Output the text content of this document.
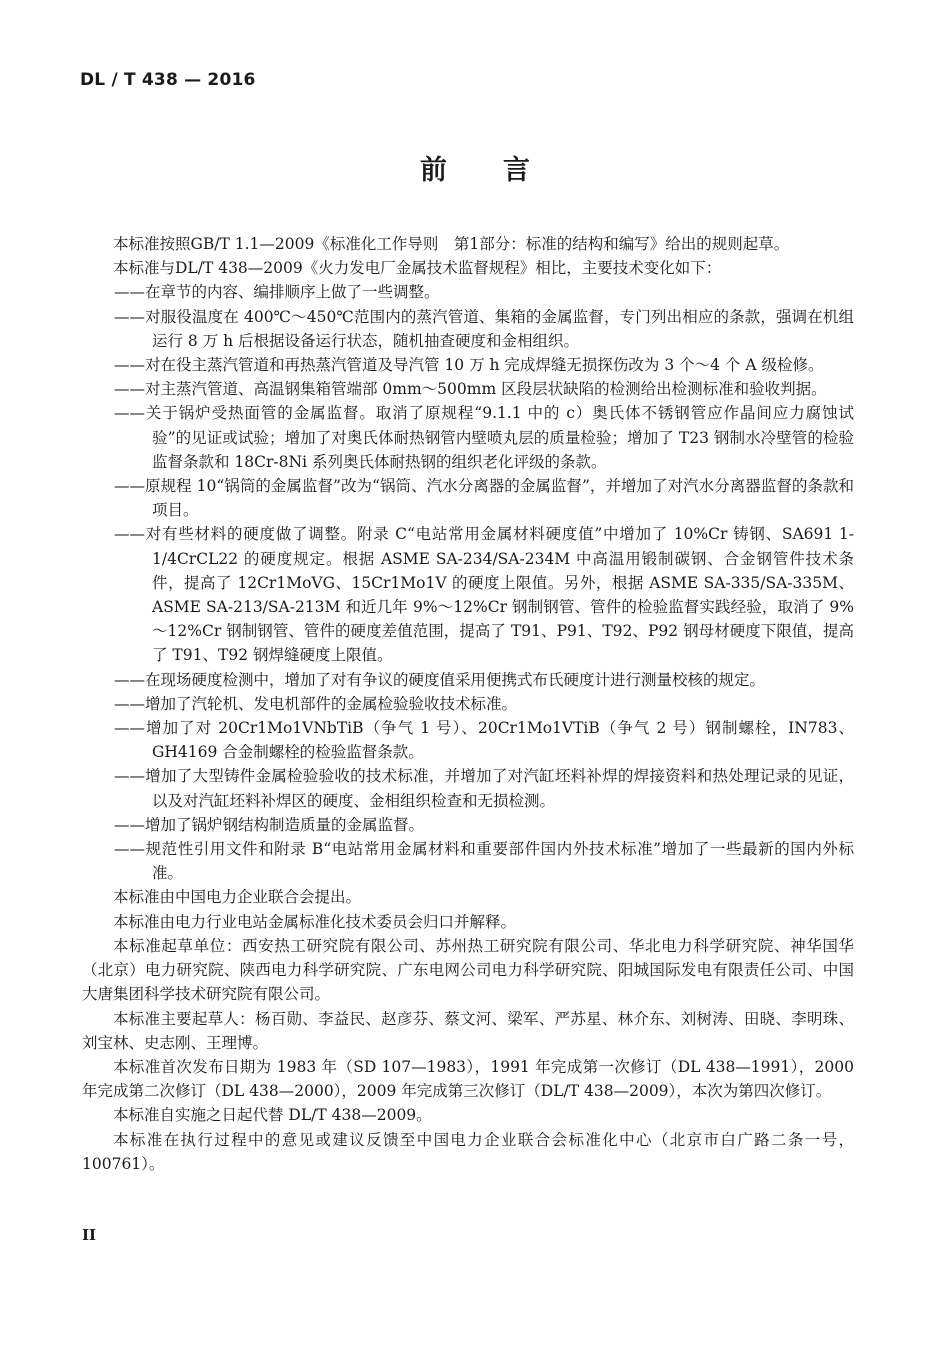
DL / T 438 — 2016
前言

本标准按照GB/T 1.1—2009《标准化工作导则　第1部分：标准的结构和编写》给出的规则起草。

本标准与DL/T 438—2009《火力发电厂金属技术监督规程》相比，主要技术变化如下：

——在章节的内容、编排顺序上做了一些调整。

——对服役温度在 400℃～450℃范围内的蒸汽管道、集箱的金属监督，专门列出相应的条款，强调在机组运行 8 万 h 后根据设备运行状态，随机抽查硬度和金相组织。

——对在役主蒸汽管道和再热蒸汽管道及导汽管 10 万 h 完成焊缝无损探伤改为 3 个～4 个 A 级检修。

——对主蒸汽管道、高温钢集箱管端部 0mm～500mm 区段层状缺陷的检测给出检测标准和验收判据。

——关于锅炉受热面管的金属监督。取消了原规程“9.1.1 中的 c）奥氏体不锈钢管应作晶间应力腐蚀试验”的见证或试验；增加了对奥氏体耐热钢管内壁喷丸层的质量检验；增加了 T23 钢制水冷壁管的检验监督条款和 18Cr-8Ni 系列奥氏体耐热钢的组织老化评级的条款。

——原规程 10“锅筒的金属监督”改为“锅筒、汽水分离器的金属监督”，并增加了对汽水分离器监督的条款和项目。

——对有些材料的硬度做了调整。附录 C“电站常用金属材料硬度值”中增加了 10%Cr 铸钢、SA691 1-1/4CrCL22 的硬度规定。根据 ASME SA-234/SA-234M 中高温用锻制碳钢、合金钢管件技术条件，提高了 12Cr1MoVG、15Cr1Mo1V 的硬度上限值。另外，根据 ASME SA-335/SA-335M、ASME SA-213/SA-213M 和近几年 9%～12%Cr 钢制钢管、管件的检验监督实践经验，取消了 9%～12%Cr 钢制钢管、管件的硬度差值范围，提高了 T91、P91、T92、P92 钢母材硬度下限值，提高了 T91、T92 钢焊缝硬度上限值。

——在现场硬度检测中，增加了对有争议的硬度值采用便携式布氏硬度计进行测量校核的规定。

——增加了汽轮机、发电机部件的金属检验验收技术标准。

——增加了对 20Cr1Mo1VNbTiB（争气 1 号）、20Cr1Mo1VTiB（争气 2 号）钢制螺栓，IN783、GH4169 合金制螺栓的检验监督条款。

——增加了大型铸件金属检验验收的技术标准，并增加了对汽缸坯料补焊的焊接资料和热处理记录的见证，以及对汽缸坯料补焊区的硬度、金相组织检查和无损检测。

——增加了锅炉钢结构制造质量的金属监督。

——规范性引用文件和附录 B“电站常用金属材料和重要部件国内外技术标准”增加了一些最新的国内外标准。

本标准由中国电力企业联合会提出。

本标准由电力行业电站金属标准化技术委员会归口并解释。

本标准起草单位：西安热工研究院有限公司、苏州热工研究院有限公司、华北电力科学研究院、神华国华（北京）电力研究院、陕西电力科学研究院、广东电网公司电力科学研究院、阳城国际发电有限责任公司、中国大唐集团科学技术研究院有限公司。

本标准主要起草人：杨百勋、李益民、赵彦芬、蔡文河、梁军、严苏星、林介东、刘树涛、田晓、李明珠、刘宝林、史志刚、王理博。

本标准首次发布日期为 1983 年（SD 107—1983），1991 年完成第一次修订（DL 438—1991），2000 年完成第二次修订（DL 438—2000），2009 年完成第三次修订（DL/T 438—2009），本次为第四次修订。

本标准自实施之日起代替 DL/T 438—2009。

本标准在执行过程中的意见或建议反馈至中国电力企业联合会标准化中心（北京市白广路二条一号，100761）。

II
